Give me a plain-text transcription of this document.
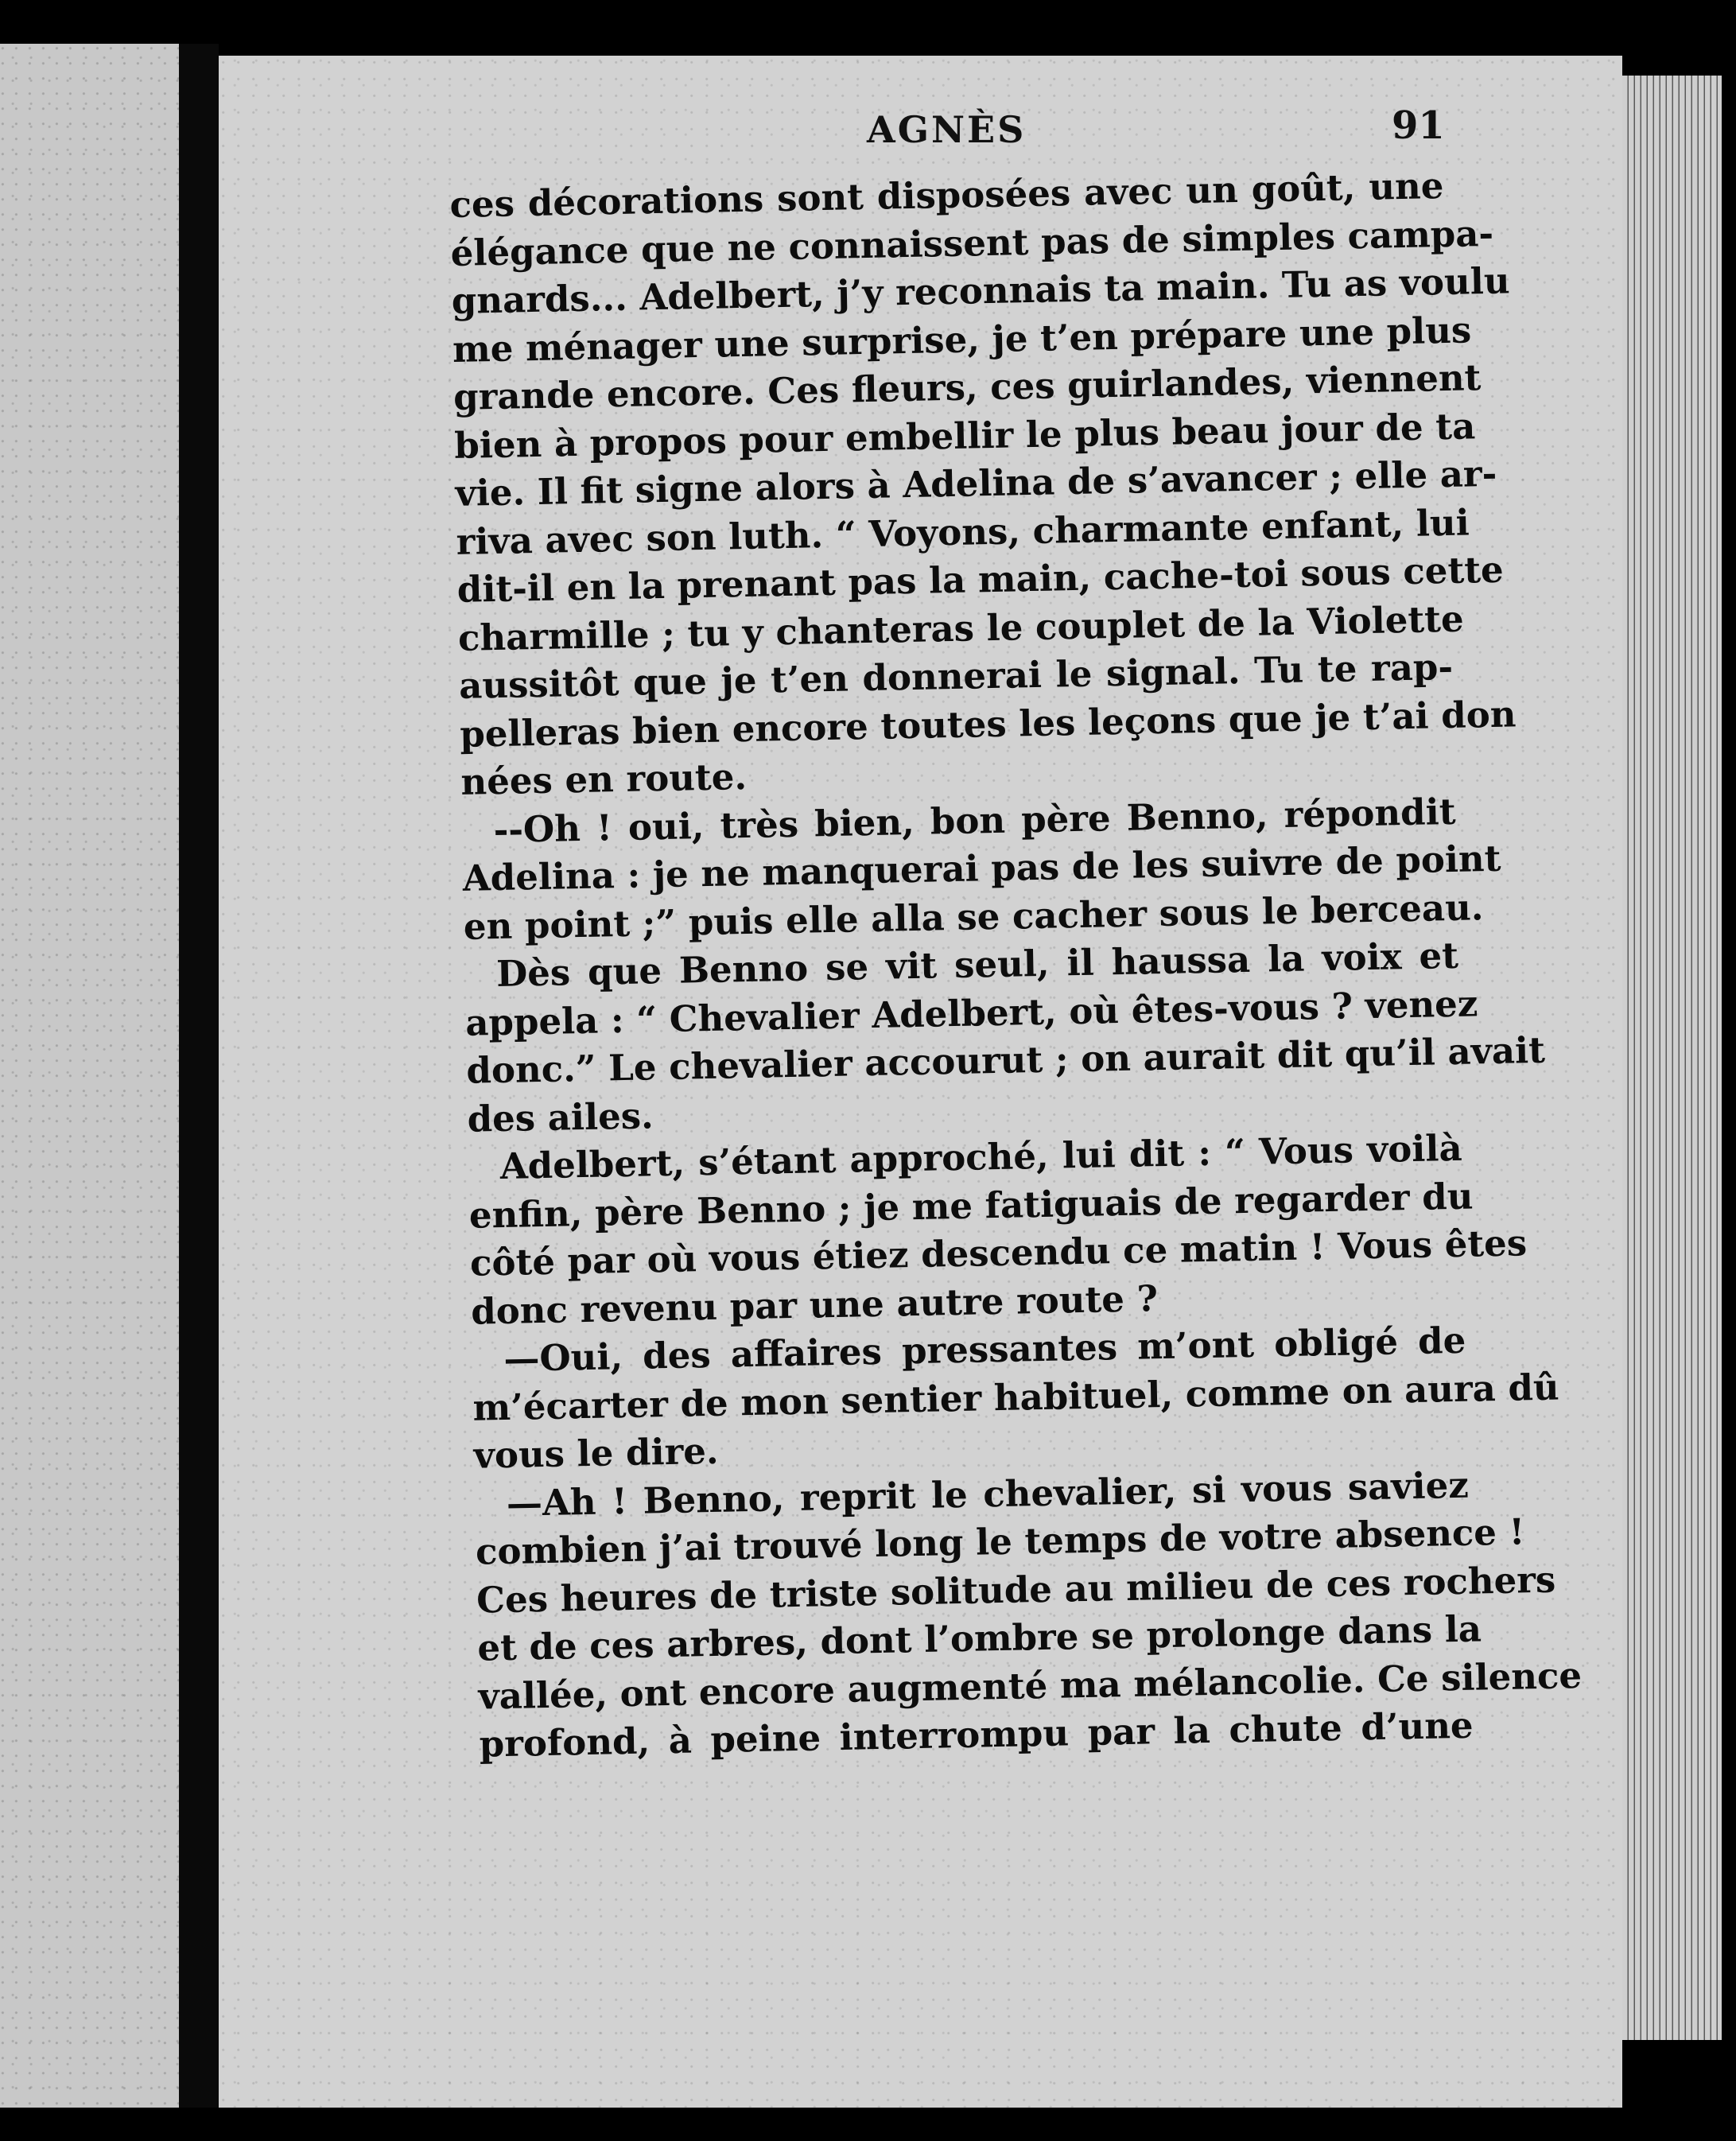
AGNÈS	91
ces décorations sont disposées avec un goût, une
élégance que ne connaissent pas de simples campa-
gnards... Adelbert, j’y reconnais ta main. Tu as voulu
me ménager une surprise, je t’en prépare une plus
grande encore. Ces fleurs, ces guirlandes, viennent
bien à propos pour embellir le plus beau jour de ta
vie. Il fit signe alors à Adelina de s’avancer ; elle ar-
riva avec son luth. “ Voyons, charmante enfant, lui
dit-il en la prenant pas la main, cache-toi sous cette
charmille ; tu y chanteras le couplet de la Violette
aussitôt que je t’en donnerai le signal. Tu te rap-
pelleras bien encore toutes les leçons que je t’ai don
nées en route.
--Oh ! oui, très bien, bon père Benno, répondit
Adelina : je ne manquerai pas de les suivre de point
en point ;” puis elle alla se cacher sous le berceau.
Dès que Benno se vit seul, il haussa la voix et
appela : “ Chevalier Adelbert, où êtes-vous ? venez
donc.” Le chevalier accourut ; on aurait dit qu’il avait
des ailes.
Adelbert, s’étant approché, lui dit : “ Vous voilà
enfin, père Benno ; je me fatiguais de regarder du
côté par où vous étiez descendu ce matin ! Vous êtes
donc revenu par une autre route ?
—Oui, des affaires pressantes m’ont obligé de
m’écarter de mon sentier habituel, comme on aura dû
vous le dire.
—Ah ! Benno, reprit le chevalier, si vous saviez
combien j’ai trouvé long le temps de votre absence !
Ces heures de triste solitude au milieu de ces rochers
et de ces arbres, dont l’ombre se prolonge dans la
vallée, ont encore augmenté ma mélancolie. Ce silence
profond, à peine interrompu par la chute d’une
